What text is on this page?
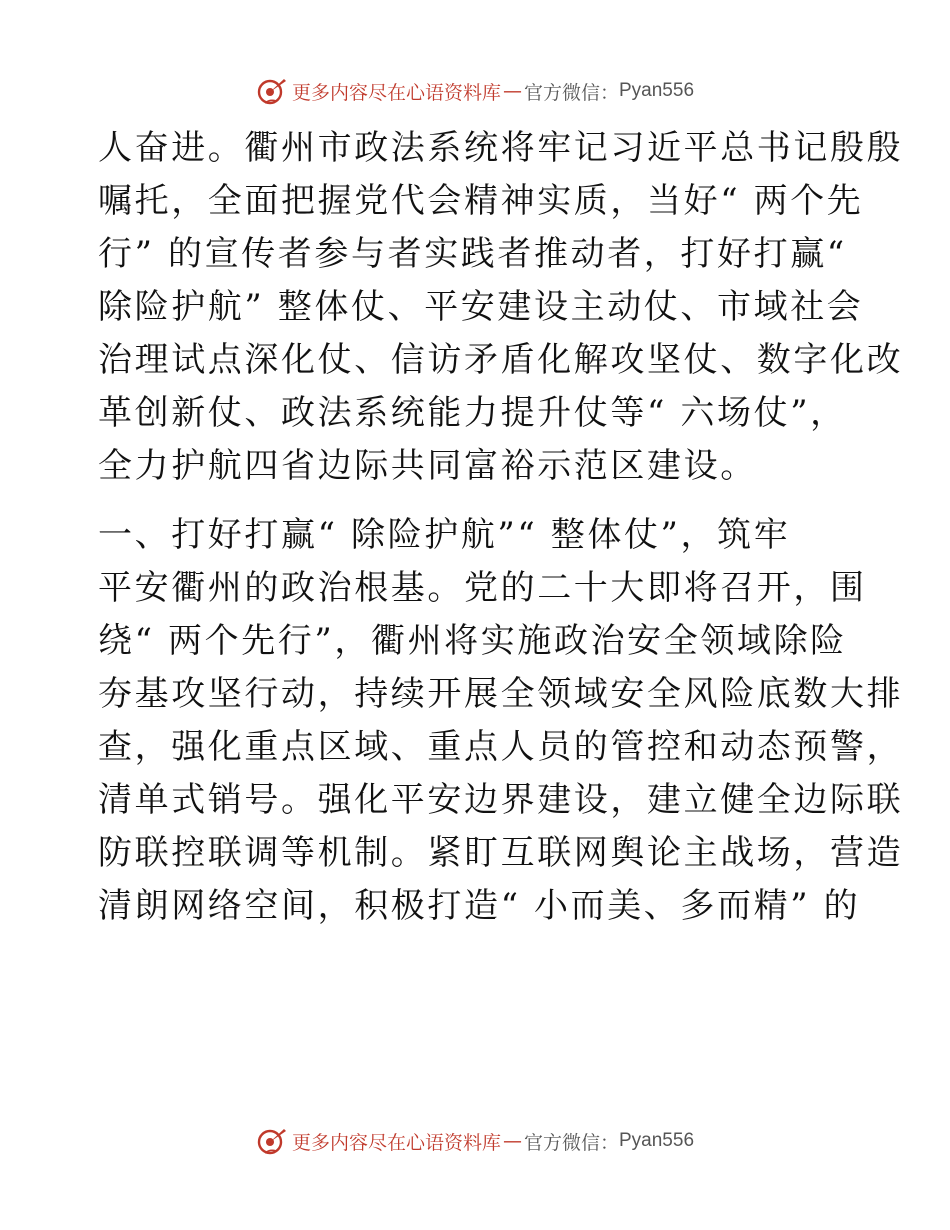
更多内容尽在心语资料库 — 官方微信： Pyan556
人奋进。衢州市政法系统将牢记习近平总书记殷殷
嘱托，全面把握党代会精神实质，当好“ 两个先
行” 的宣传者参与者实践者推动者，打好打赢“
除险护航” 整体仗、平安建设主动仗、市域社会
治理试点深化仗、信访矛盾化解攻坚仗、数字化改
革创新仗、政法系统能力提升仗等“ 六场仗”，
全力护航四省边际共同富裕示范区建设。
一、打好打赢“ 除险护航”“ 整体仗”，筑牢
平安衢州的政治根基。党的二十大即将召开，围
绕“ 两个先行”，衢州将实施政治安全领域除险
夯基攻坚行动，持续开展全领域安全风险底数大排
查，强化重点区域、重点人员的管控和动态预警，
清单式销号。强化平安边界建设，建立健全边际联
防联控联调等机制。紧盯互联网舆论主战场，营造
清朗网络空间，积极打造“ 小而美、多而精” 的
更多内容尽在心语资料库 — 官方微信： Pyan556
